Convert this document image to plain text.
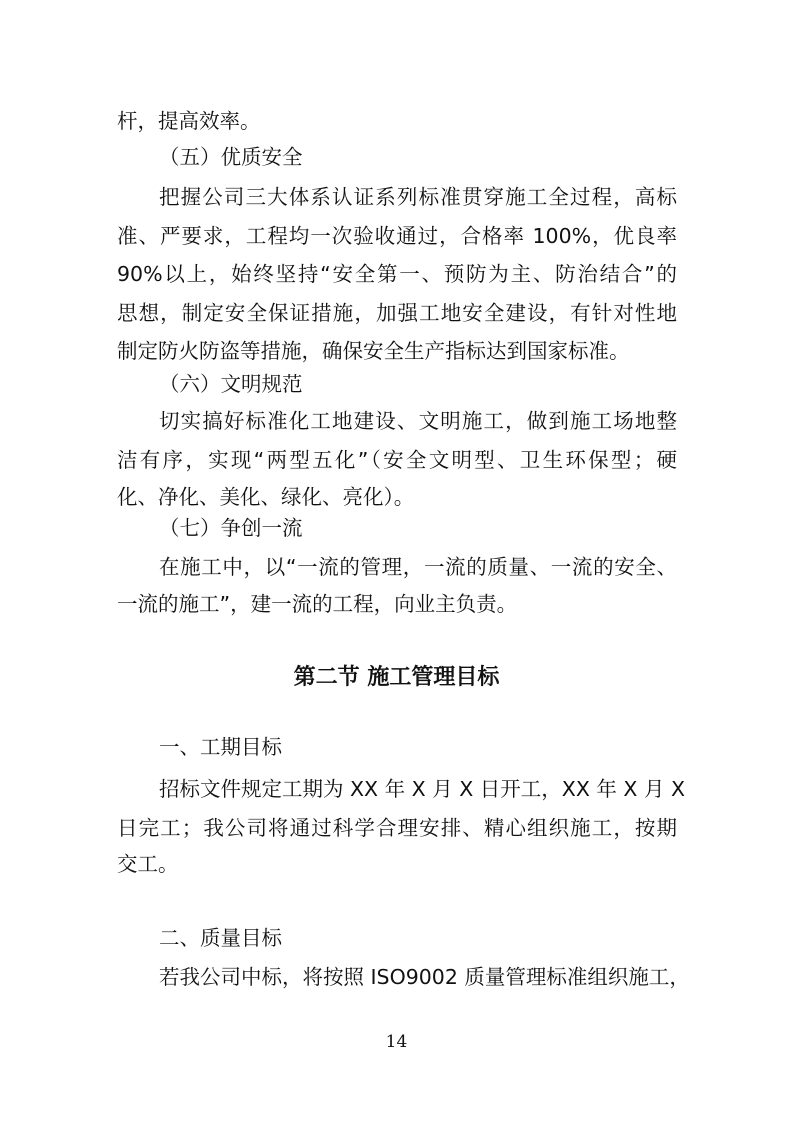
杆，提高效率。
（五）优质安全
把握公司三大体系认证系列标准贯穿施工全过程，高标
准、严要求，工程均一次验收通过，合格率 100%，优良率
90%以上，始终坚持“安全第一、预防为主、防治结合”的
思想，制定安全保证措施，加强工地安全建设，有针对性地
制定防火防盗等措施，确保安全生产指标达到国家标准。
（六）文明规范
切实搞好标准化工地建设、文明施工，做到施工场地整
洁有序，实现“两型五化”（安全文明型、卫生环保型；硬
化、净化、美化、绿化、亮化）。
（七）争创一流
在施工中，以“一流的管理，一流的质量、一流的安全、
一流的施工”，建一流的工程，向业主负责。
第二节 施工管理目标
一、工期目标
招标文件规定工期为 XX 年 X 月 X 日开工，XX 年 X 月 X
日完工；我公司将通过科学合理安排、精心组织施工，按期
交工。
二、质量目标
若我公司中标，将按照 ISO9002 质量管理标准组织施工，
14
